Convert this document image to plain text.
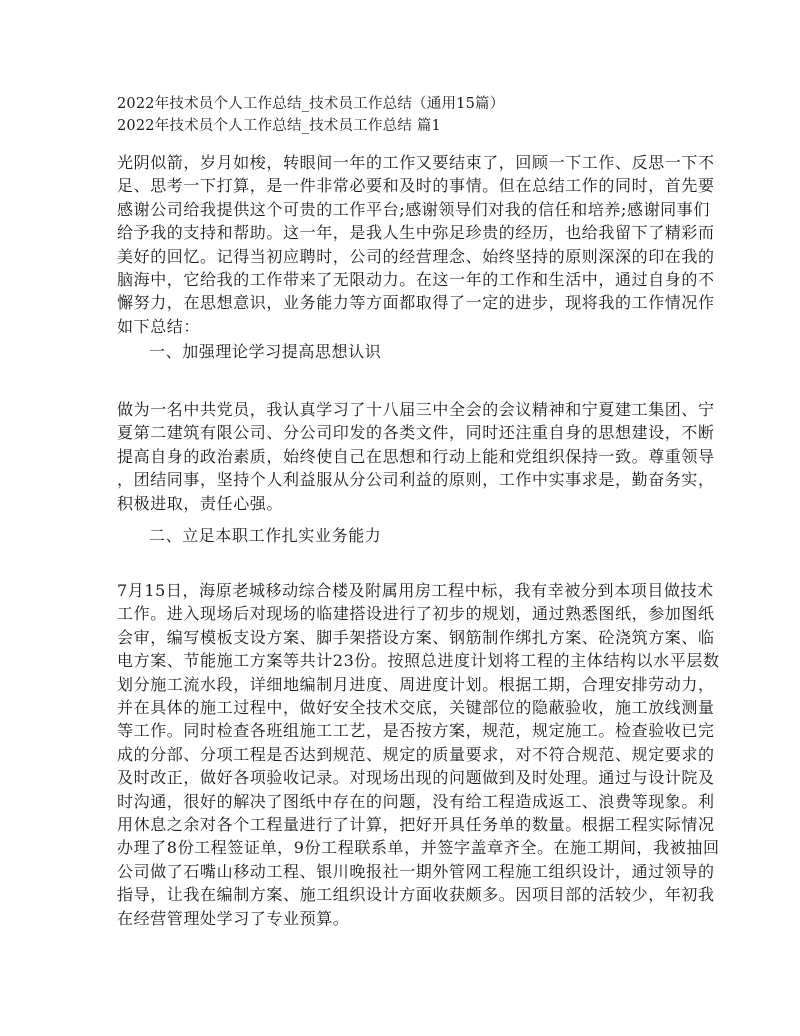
2022年技术员个人工作总结_技术员工作总结（通用15篇）
2022年技术员个人工作总结_技术员工作总结 篇1
光阴似箭，岁月如梭，转眼间一年的工作又要结束了，回顾一下工作、反思一下不
足、思考一下打算，是一件非常必要和及时的事情。但在总结工作的同时，首先要
感谢公司给我提供这个可贵的工作平台;感谢领导们对我的信任和培养;感谢同事们
给予我的支持和帮助。这一年，是我人生中弥足珍贵的经历，也给我留下了精彩而
美好的回忆。记得当初应聘时，公司的经营理念、始终坚持的原则深深的印在我的
脑海中，它给我的工作带来了无限动力。在这一年的工作和生活中，通过自身的不
懈努力，在思想意识，业务能力等方面都取得了一定的进步，现将我的工作情况作
如下总结：
一、加强理论学习提高思想认识
做为一名中共党员，我认真学习了十八届三中全会的会议精神和宁夏建工集团、宁
夏第二建筑有限公司、分公司印发的各类文件，同时还注重自身的思想建设，不断
提高自身的政治素质，始终使自己在思想和行动上能和党组织保持一致。尊重领导
，团结同事，坚持个人利益服从分公司利益的原则，工作中实事求是，勤奋务实，
积极进取，责任心强。
二、立足本职工作扎实业务能力
7月15日，海原老城移动综合楼及附属用房工程中标，我有幸被分到本项目做技术
工作。进入现场后对现场的临建搭设进行了初步的规划，通过熟悉图纸，参加图纸
会审，编写模板支设方案、脚手架搭设方案、钢筋制作绑扎方案、砼浇筑方案、临
电方案、节能施工方案等共计23份。按照总进度计划将工程的主体结构以水平层数
划分施工流水段，详细地编制月进度、周进度计划。根据工期，合理安排劳动力，
并在具体的施工过程中，做好安全技术交底，关键部位的隐蔽验收，施工放线测量
等工作。同时检查各班组施工工艺，是否按方案，规范，规定施工。检查验收已完
成的分部、分项工程是否达到规范、规定的质量要求，对不符合规范、规定要求的
及时改正，做好各项验收记录。对现场出现的问题做到及时处理。通过与设计院及
时沟通，很好的解决了图纸中存在的问题，没有给工程造成返工、浪费等现象。利
用休息之余对各个工程量进行了计算，把好开具任务单的数量。根据工程实际情况
办理了8份工程签证单，9份工程联系单，并签字盖章齐全。在施工期间，我被抽回
公司做了石嘴山移动工程、银川晚报社一期外管网工程施工组织设计，通过领导的
指导，让我在编制方案、施工组织设计方面收获颇多。因项目部的活较少，年初我
在经营管理处学习了专业预算。
